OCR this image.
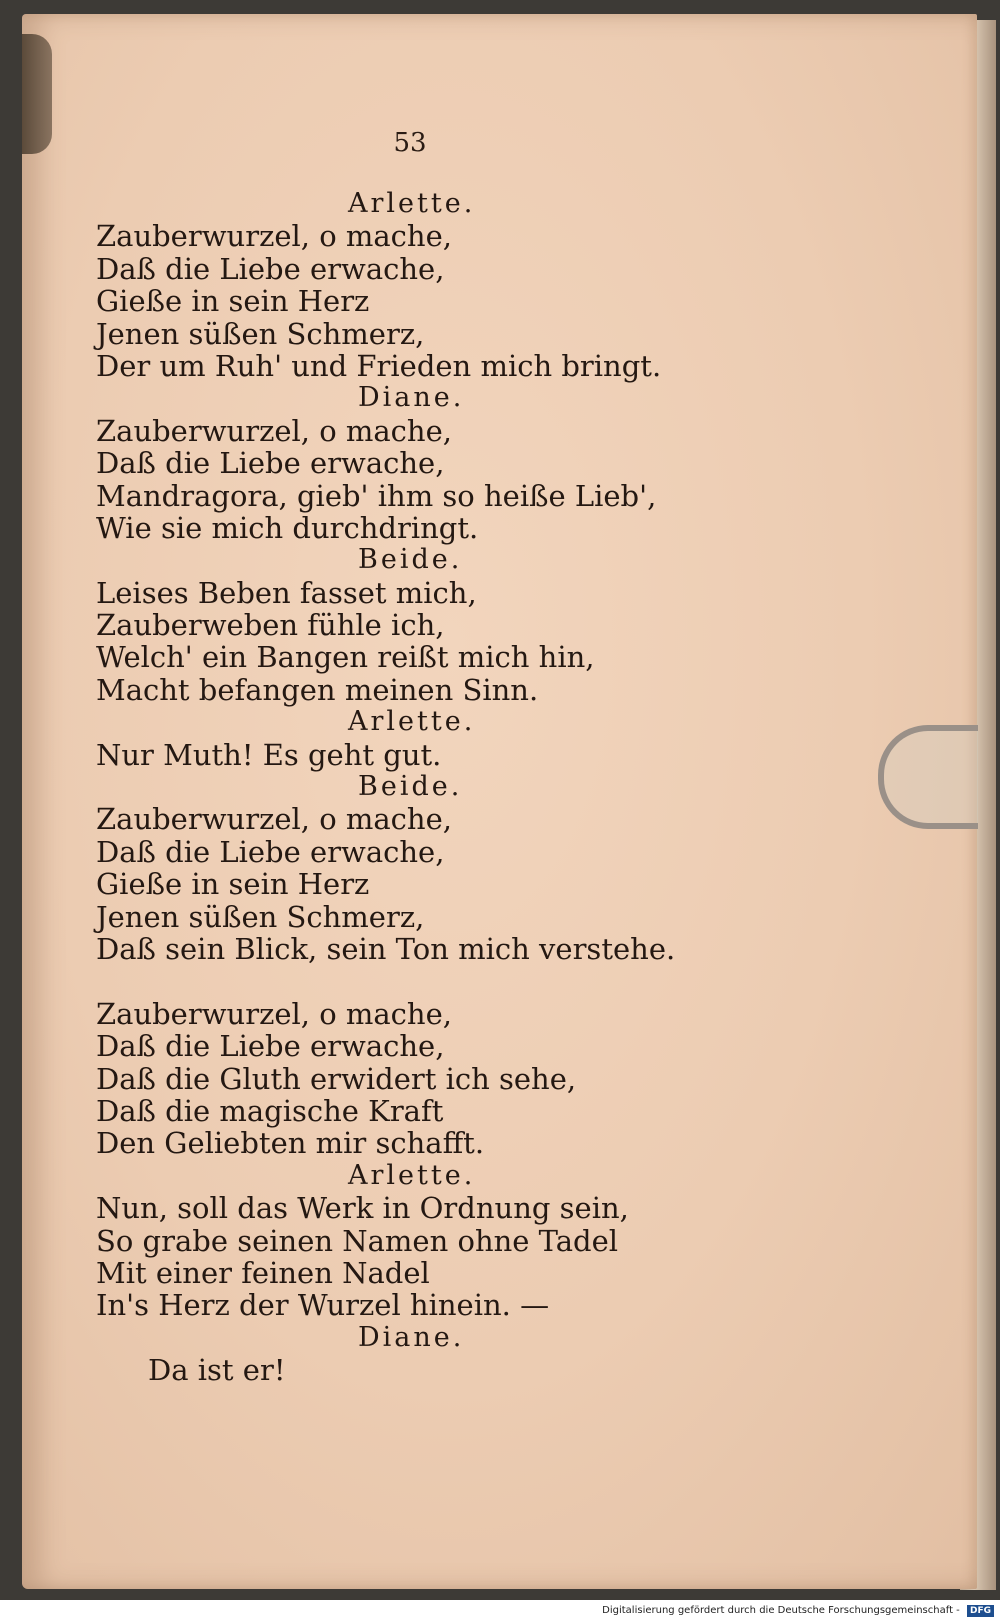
53
Arlette.
Zauberwurzel, o mache,
Daß die Liebe erwache,
Gieße in sein Herz
Jenen süßen Schmerz,
Der um Ruh' und Frieden mich bringt.
Diane.
Zauberwurzel, o mache,
Daß die Liebe erwache,
Mandragora, gieb' ihm so heiße Lieb',
Wie sie mich durchdringt.
Beide.
Leises Beben fasset mich,
Zauberweben fühle ich,
Welch' ein Bangen reißt mich hin,
Macht befangen meinen Sinn.
Arlette.
Nur Muth! Es geht gut.
Beide.
Zauberwurzel, o mache,
Daß die Liebe erwache,
Gieße in sein Herz
Jenen süßen Schmerz,
Daß sein Blick, sein Ton mich verstehe.
Zauberwurzel, o mache,
Daß die Liebe erwache,
Daß die Gluth erwidert ich sehe,
Daß die magische Kraft
Den Geliebten mir schafft.
Arlette.
Nun, soll das Werk in Ordnung sein,
So grabe seinen Namen ohne Tadel
Mit einer feinen Nadel
In's Herz der Wurzel hinein. —
Diane.
Da ist er!
Digitalisierung gefördert durch die Deutsche Forschungsgemeinschaft - DFG
